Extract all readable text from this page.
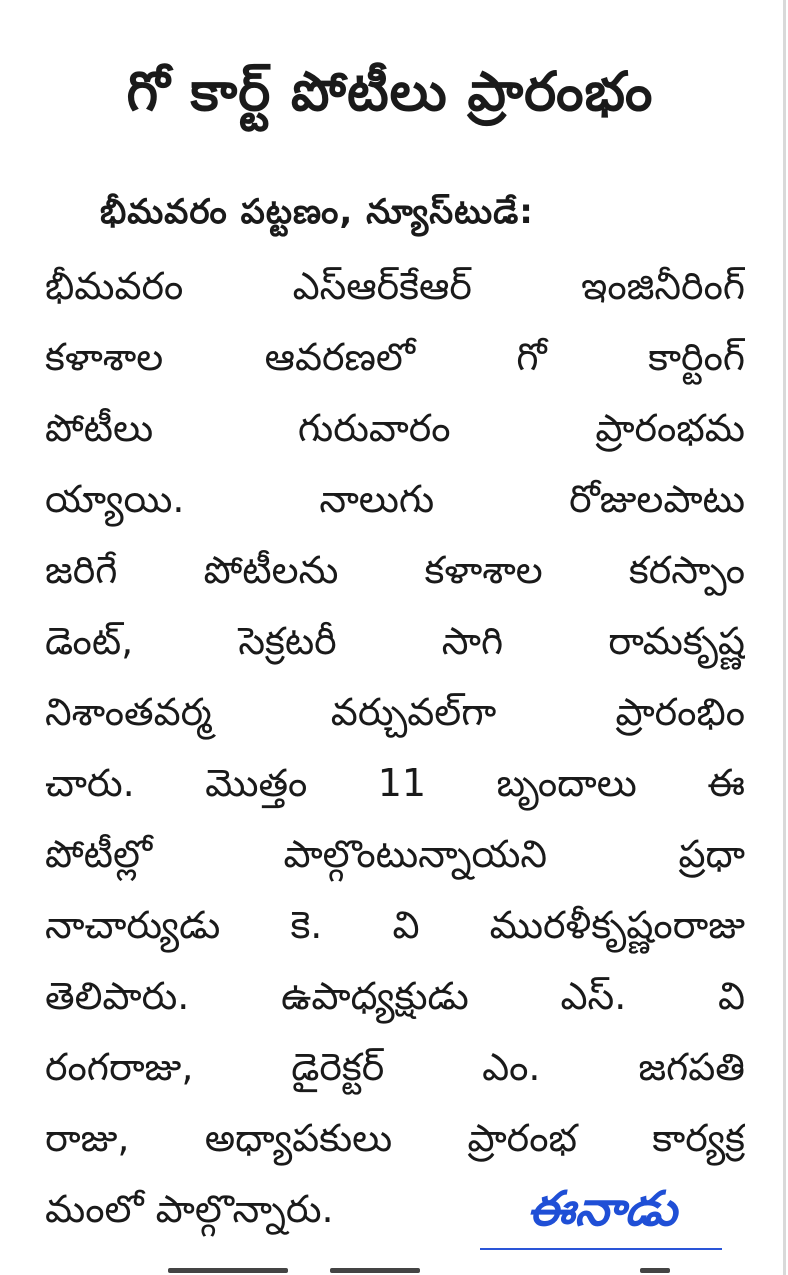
గో కార్ట్ పోటీలు ప్రారంభం
భీమవరం పట్టణం, న్యూస్‌టుడే:
భీమవరం ఎస్ఆర్‌కేఆర్ ఇంజినీరింగ్
కళాశాల ఆవరణలో గో కార్టింగ్
పోటీలు గురువారం ప్రారంభమ
య్యాయి. నాలుగు రోజులపాటు
జరిగే పోటీలను కళాశాల కరస్పాం
డెంట్, సెక్రటరీ సాగి రామకృష్ణ
నిశాంతవర్మ వర్చువల్‌గా ప్రారంభిం
చారు. మొత్తం 11 బృందాలు ఈ
పోటీల్లో పాల్గొంటున్నాయని ప్రధా
నాచార్యుడు కె. వి మురళీకృష్ణంరాజు
తెలిపారు. ఉపాధ్యక్షుడు ఎస్. వి
రంగరాజు, డైరెక్టర్ ఎం. జగపతి
రాజు, అధ్యాపకులు ప్రారంభ కార్యక్ర
మంలో పాల్గొన్నారు.	ఈనాడు
